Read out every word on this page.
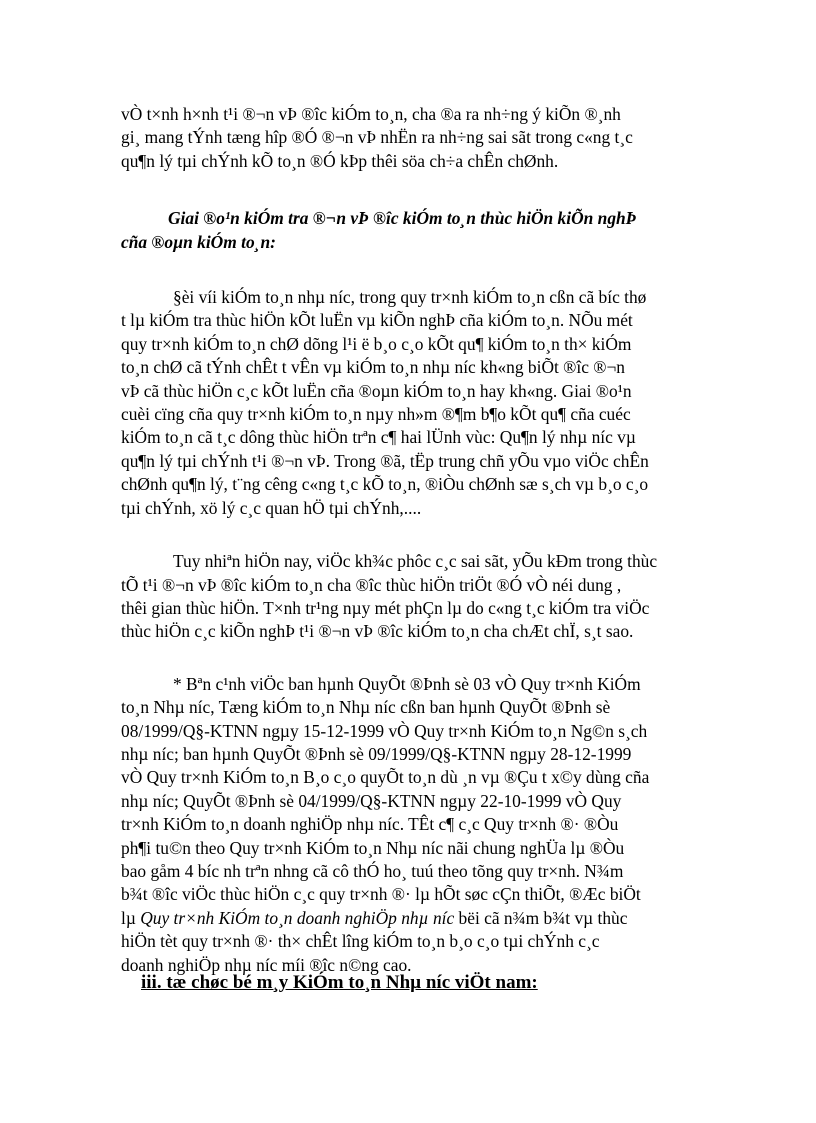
vÒ t×nh h×nh t¹i ®¬n vÞ ®îc kiÓm to¸n, cha ®a ra nh÷ng ý kiÕn ®¸nh
gi¸ mang tÝnh tæng hîp ®Ó ®¬n vÞ nhËn ra nh÷ng sai sãt trong c«ng t¸c
qu¶n lý tµi chÝnh kÕ to¸n ®Ó kÞp thêi söa ch÷a chÊn chØnh.

Giai ®o¹n kiÓm tra ®¬n vÞ ®îc kiÓm to¸n thùc hiÖn kiÕn nghÞ
cña ®oµn kiÓm to¸n:

§èi víi kiÓm to¸n nhµ níc, trong quy tr×nh kiÓm to¸n cßn cã bíc thø
t lµ kiÓm tra thùc hiÖn kÕt luËn vµ kiÕn nghÞ cña kiÓm to¸n. NÕu mét
quy tr×nh kiÓm to¸n chØ dõng l¹i ë b¸o c¸o kÕt qu¶ kiÓm to¸n th× kiÓm
to¸n chØ cã tÝnh chÊt t vÊn vµ kiÓm to¸n nhµ níc kh«ng biÕt ®îc ®¬n
vÞ cã thùc hiÖn c¸c kÕt luËn cña ®oµn kiÓm to¸n hay kh«ng. Giai ®o¹n
cuèi cïng cña quy tr×nh kiÓm to¸n nµy nh»m ®¶m b¶o kÕt qu¶ cña cuéc
kiÓm to¸n cã t¸c dông thùc hiÖn trªn c¶ hai lÜnh vùc: Qu¶n lý nhµ níc vµ
qu¶n lý tµi chÝnh t¹i ®¬n vÞ. Trong ®ã, tËp trung chñ yÕu vµo viÖc chÊn
chØnh qu¶n lý, t¨ng cêng c«ng t¸c kÕ to¸n, ®iÒu chØnh sæ s¸ch vµ b¸o c¸o
tµi chÝnh, xö lý c¸c quan hÖ tµi chÝnh,....

Tuy nhiªn hiÖn nay, viÖc kh¾c phôc c¸c sai sãt, yÕu kÐm trong thùc
tÕ t¹i ®¬n vÞ ®îc kiÓm to¸n cha ®îc thùc hiÖn triÖt ®Ó vÒ néi dung ,
thêi gian thùc hiÖn. T×nh tr¹ng nµy mét phÇn lµ do c«ng t¸c kiÓm tra viÖc
thùc hiÖn c¸c kiÕn nghÞ t¹i ®¬n vÞ ®îc kiÓm to¸n cha chÆt chÏ, s¸t sao.

* Bªn c¹nh viÖc ban hµnh QuyÕt ®Þnh sè 03 vÒ Quy tr×nh KiÓm
to¸n Nhµ níc, Tæng kiÓm to¸n Nhµ níc cßn ban hµnh QuyÕt ®Þnh sè
08/1999/Q§-KTNN ngµy 15-12-1999 vÒ Quy tr×nh KiÓm to¸n Ng©n s¸ch
nhµ níc; ban hµnh QuyÕt ®Þnh sè 09/1999/Q§-KTNN ngµy 28-12-1999
vÒ Quy tr×nh KiÓm to¸n B¸o c¸o quyÕt to¸n dù ¸n vµ ®Çu t x©y dùng cña
nhµ níc; QuyÕt ®Þnh sè 04/1999/Q§-KTNN ngµy 22-10-1999 vÒ Quy
tr×nh KiÓm to¸n doanh nghiÖp nhµ níc. TÊt c¶ c¸c Quy tr×nh ®· ®Òu
ph¶i tu©n theo Quy tr×nh KiÓm to¸n Nhµ níc nãi chung nghÜa lµ ®Òu
bao gåm 4 bíc nh trªn nhng cã cô thÓ ho¸ tuú theo tõng quy tr×nh. N¾m
b¾t ®îc viÖc thùc hiÖn c¸c quy tr×nh ®· lµ hÕt søc cÇn thiÕt, ®Æc biÖt
lµ Quy tr×nh KiÓm to¸n doanh nghiÖp nhµ níc bëi cã n¾m b¾t vµ thùc
hiÖn tèt quy tr×nh ®· th× chÊt lîng kiÓm to¸n b¸o c¸o tµi chÝnh c¸c
doanh nghiÖp nhµ níc míi ®îc n©ng cao.

iii. tæ chøc bé m¸y KiÓm to¸n Nhµ níc viÖt nam:
